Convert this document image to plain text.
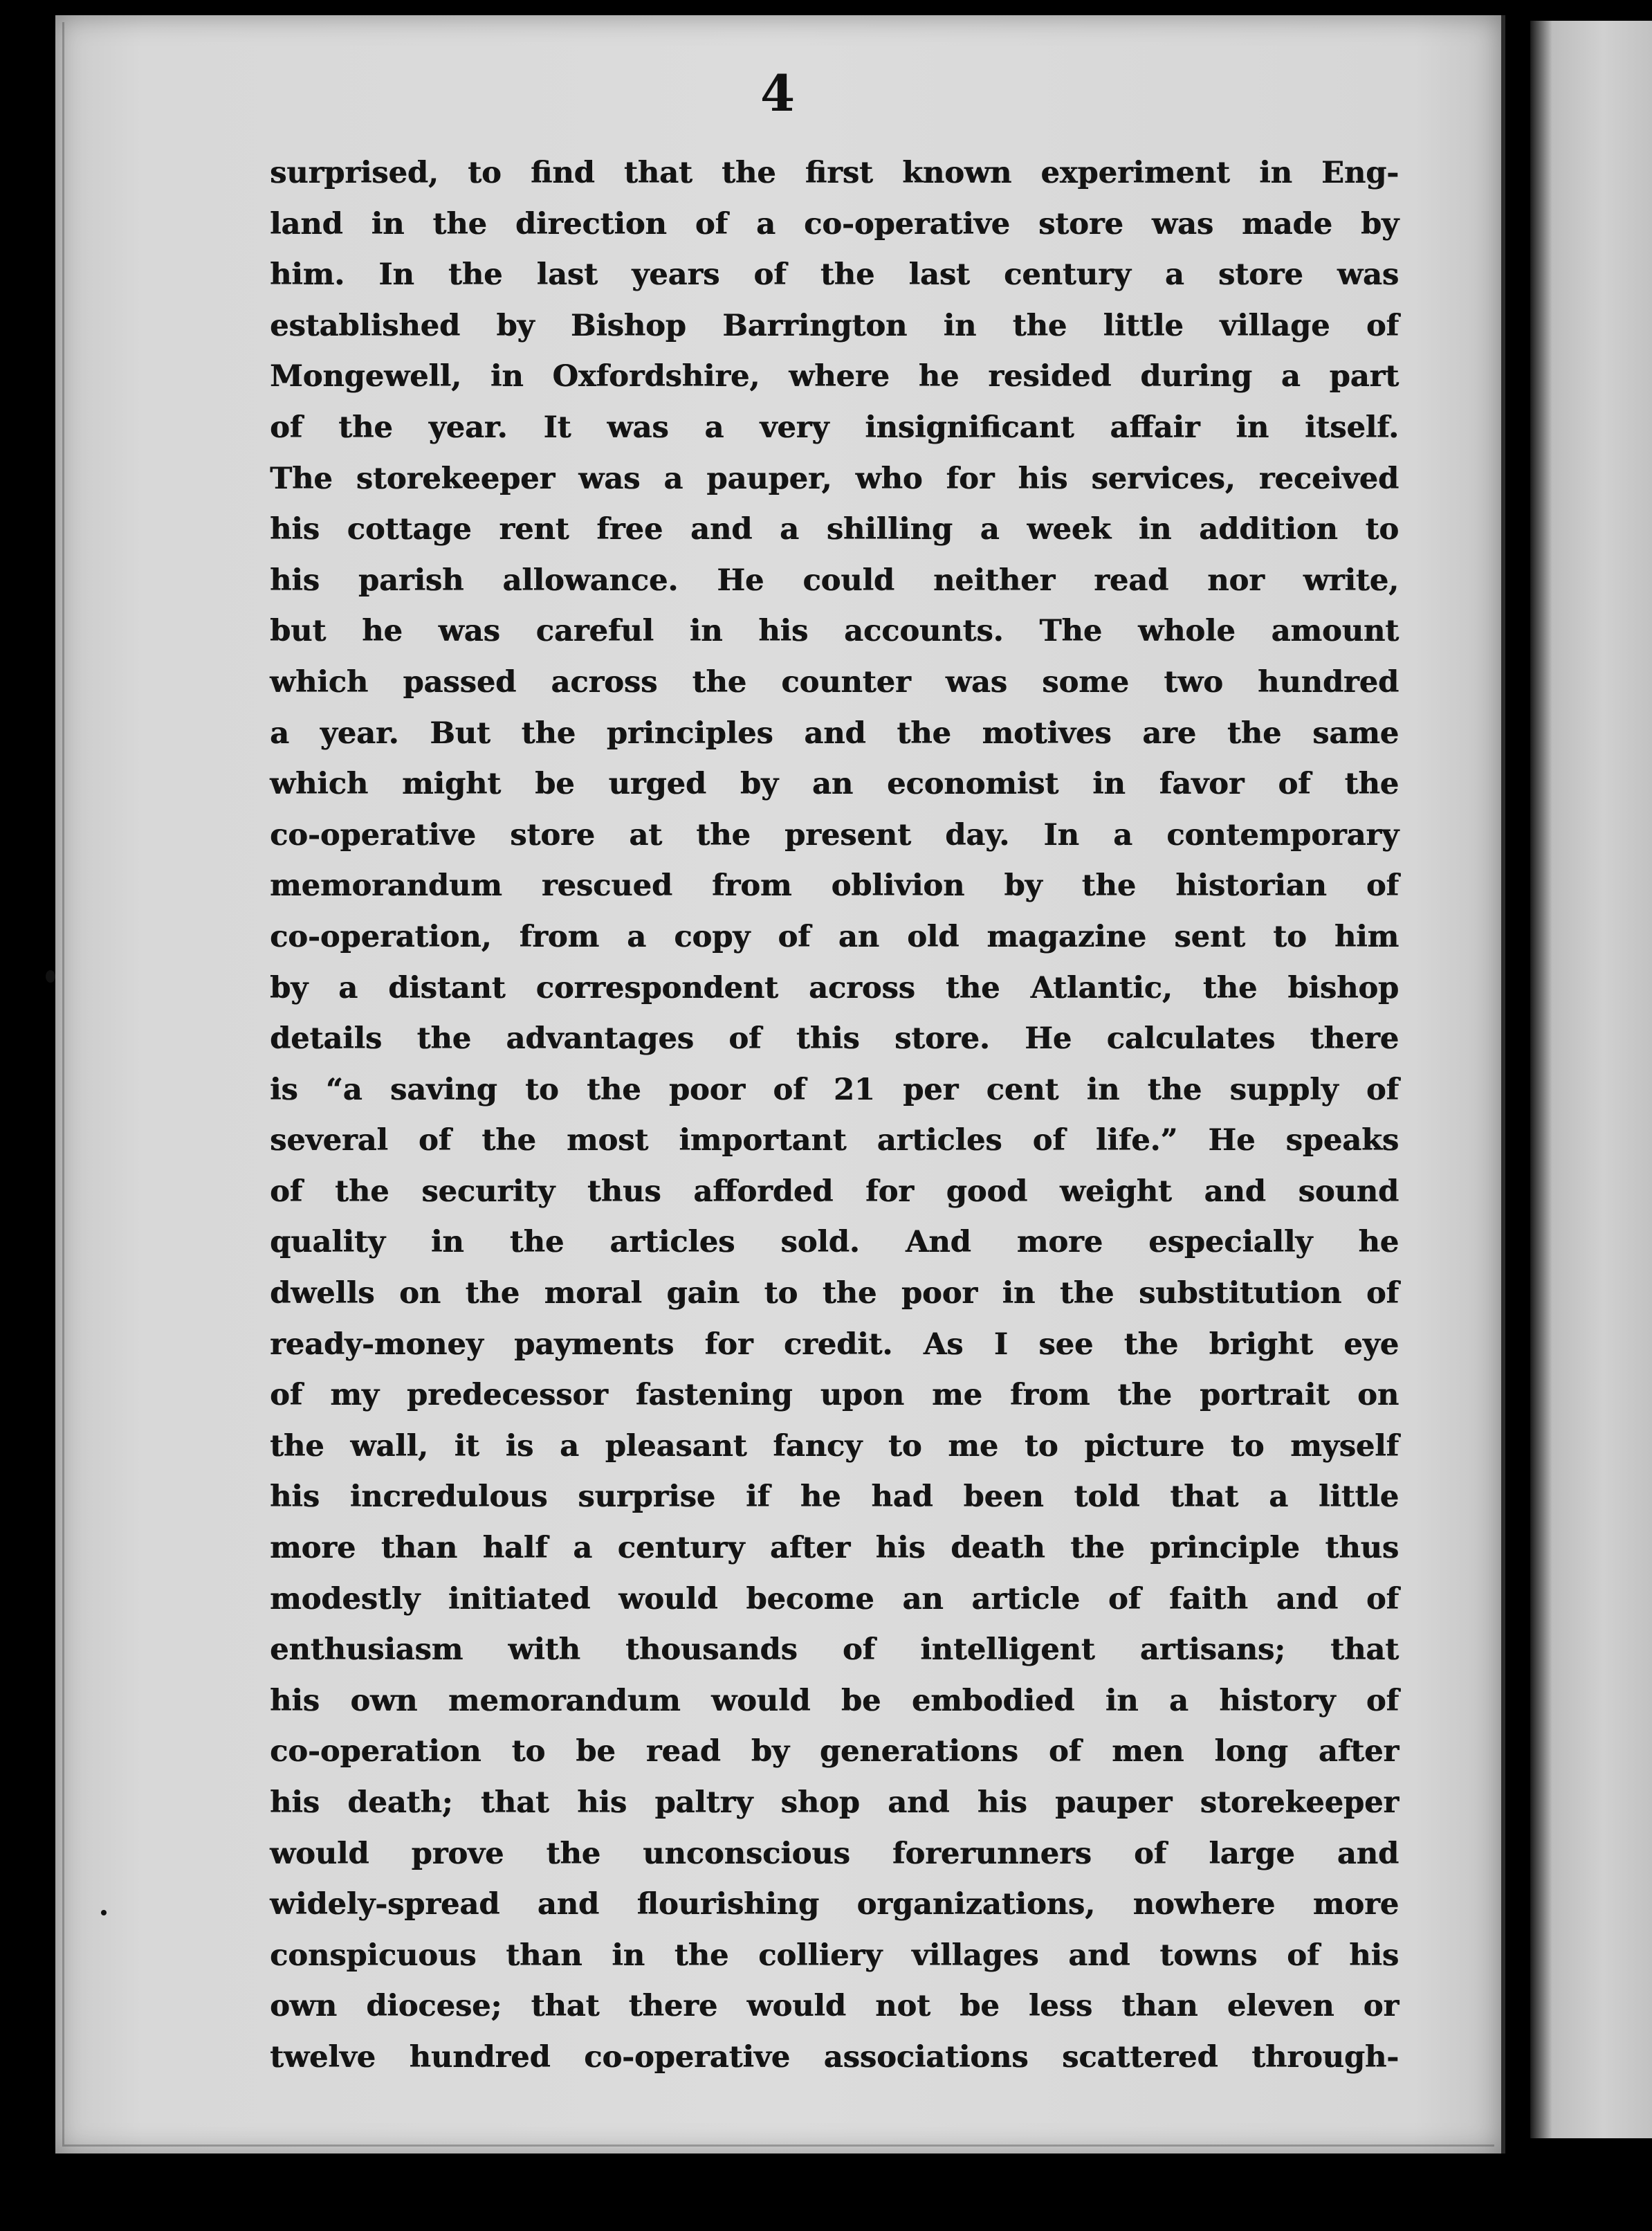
4
surprised, to find that the first known experiment in Eng-
land in the direction of a co-operative store was made by
him. In the last years of the last century a store was
established by Bishop Barrington in the little village of
Mongewell, in Oxfordshire, where he resided during a part
of the year. It was a very insignificant affair in itself.
The storekeeper was a pauper, who for his services, received
his cottage rent free and a shilling a week in addition to
his parish allowance. He could neither read nor write,
but he was careful in his accounts. The whole amount
which passed across the counter was some two hundred
a year. But the principles and the motives are the same
which might be urged by an economist in favor of the
co-operative store at the present day. In a contemporary
memorandum rescued from oblivion by the historian of
co-operation, from a copy of an old magazine sent to him
by a distant correspondent across the Atlantic, the bishop
details the advantages of this store. He calculates there
is “a saving to the poor of 21 per cent in the supply of
several of the most important articles of life.” He speaks
of the security thus afforded for good weight and sound
quality in the articles sold. And more especially he
dwells on the moral gain to the poor in the substitution of
ready-money payments for credit. As I see the bright eye
of my predecessor fastening upon me from the portrait on
the wall, it is a pleasant fancy to me to picture to myself
his incredulous surprise if he had been told that a little
more than half a century after his death the principle thus
modestly initiated would become an article of faith and of
enthusiasm with thousands of intelligent artisans; that
his own memorandum would be embodied in a history of
co-operation to be read by generations of men long after
his death; that his paltry shop and his pauper storekeeper
would prove the unconscious forerunners of large and
widely-spread and flourishing organizations, nowhere more
conspicuous than in the colliery villages and towns of his
own diocese; that there would not be less than eleven or
twelve hundred co-operative associations scattered through-
